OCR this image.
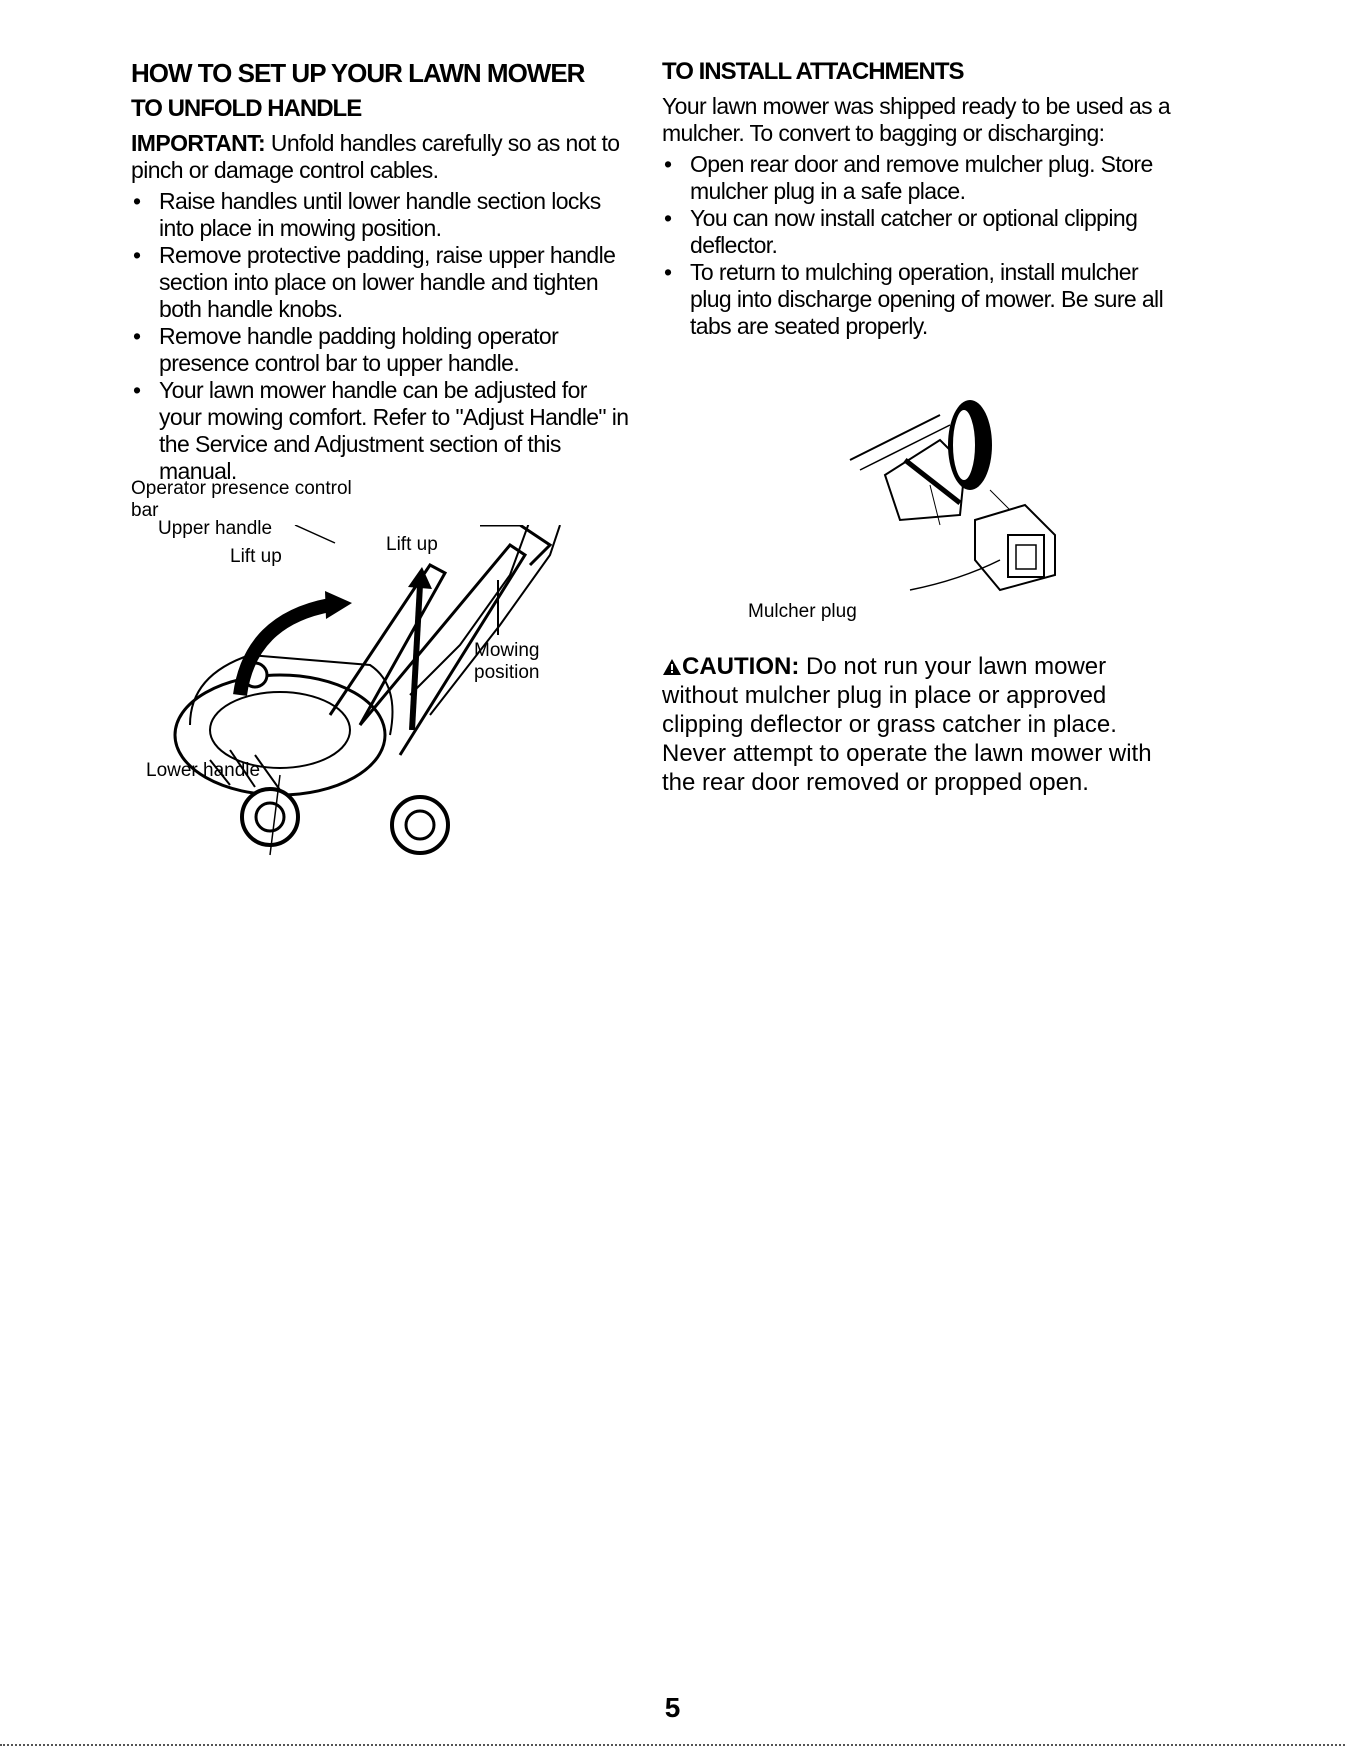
HOW TO SET UP YOUR LAWN MOWER
TO UNFOLD HANDLE

IMPORTANT: Unfold handles carefully so as not to pinch or damage control cables.

• Raise handles until lower handle section locks into place in mowing position.
• Remove protective padding, raise upper handle section into place on lower handle and tighten both handle knobs.
• Remove handle padding holding operator presence control bar to upper handle.
• Your lawn mower handle can be adjusted for your mowing comfort. Refer to "Adjust Handle" in the Service and Adjustment section of this manual.
Operator presence control
bar
Upper handle
Lift up
Lift up
Mowing
position
Lower handle
TO INSTALL ATTACHMENTS

Your lawn mower was shipped ready to be used as a mulcher. To convert to bagging or discharging:

• Open rear door and remove mulcher plug. Store mulcher plug in a safe place.
• You can now install catcher or optional clipping deflector.
• To return to mulching operation, install mulcher plug into discharge opening of mower. Be sure all tabs are seated properly.
Mulcher plug
CAUTION: Do not run your lawn mower without mulcher plug in place or approved clipping deflector or grass catcher in place. Never attempt to operate the lawn mower with the rear door removed or propped open.
5
